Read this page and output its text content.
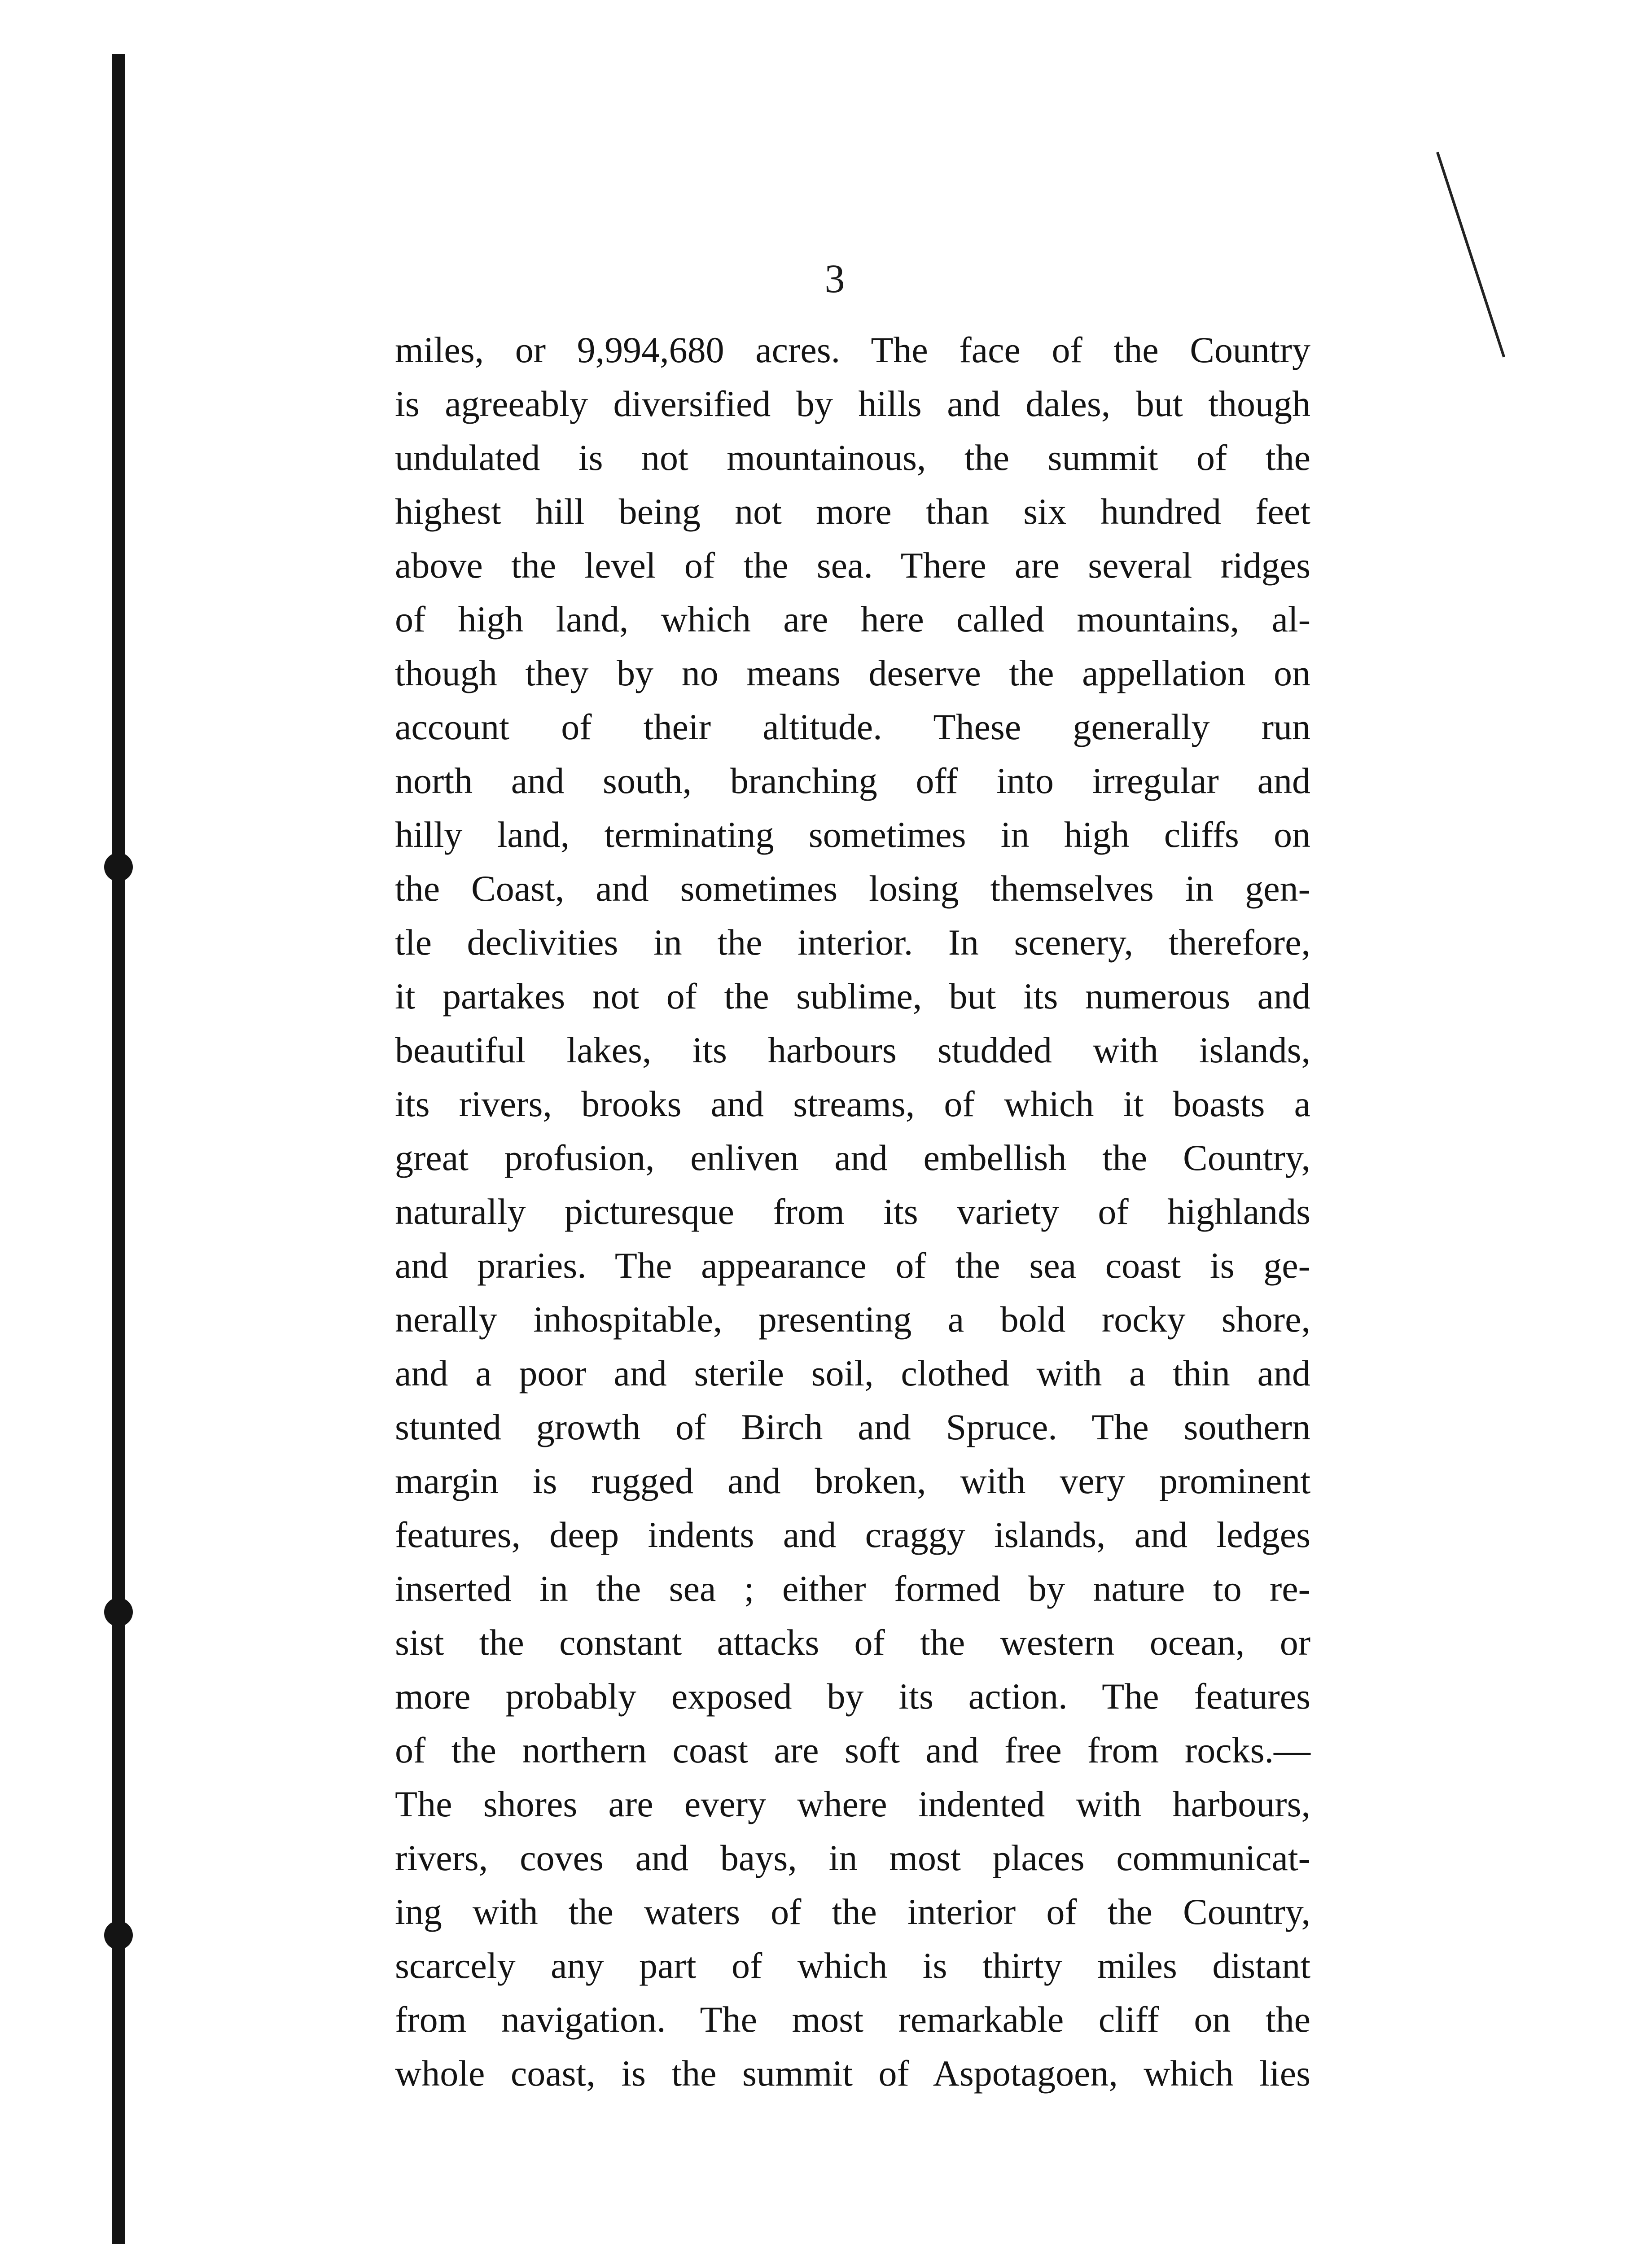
3
miles, or 9,994,680 acres. The face of the Country
is agreeably diversified by hills and dales, but though
undulated is not mountainous, the summit of the
highest hill being not more than six hundred feet
above the level of the sea. There are several ridges
of high land, which are here called mountains, al-
though they by no means deserve the appellation on
account of their altitude. These generally run
north and south, branching off into irregular and
hilly land, terminating sometimes in high cliffs on
the Coast, and sometimes losing themselves in gen-
tle declivities in the interior. In scenery, therefore,
it partakes not of the sublime, but its numerous and
beautiful lakes, its harbours studded with islands,
its rivers, brooks and streams, of which it boasts a
great profusion, enliven and embellish the Country,
naturally picturesque from its variety of highlands
and praries. The appearance of the sea coast is ge-
nerally inhospitable, presenting a bold rocky shore,
and a poor and sterile soil, clothed with a thin and
stunted growth of Birch and Spruce. The southern
margin is rugged and broken, with very prominent
features, deep indents and craggy islands, and ledges
inserted in the sea ; either formed by nature to re-
sist the constant attacks of the western ocean, or
more probably exposed by its action. The features
of the northern coast are soft and free from rocks.—
The shores are every where indented with harbours,
rivers, coves and bays, in most places communicat-
ing with the waters of the interior of the Country,
scarcely any part of which is thirty miles distant
from navigation. The most remarkable cliff on the
whole coast, is the summit of Aspotagoen, which lies
